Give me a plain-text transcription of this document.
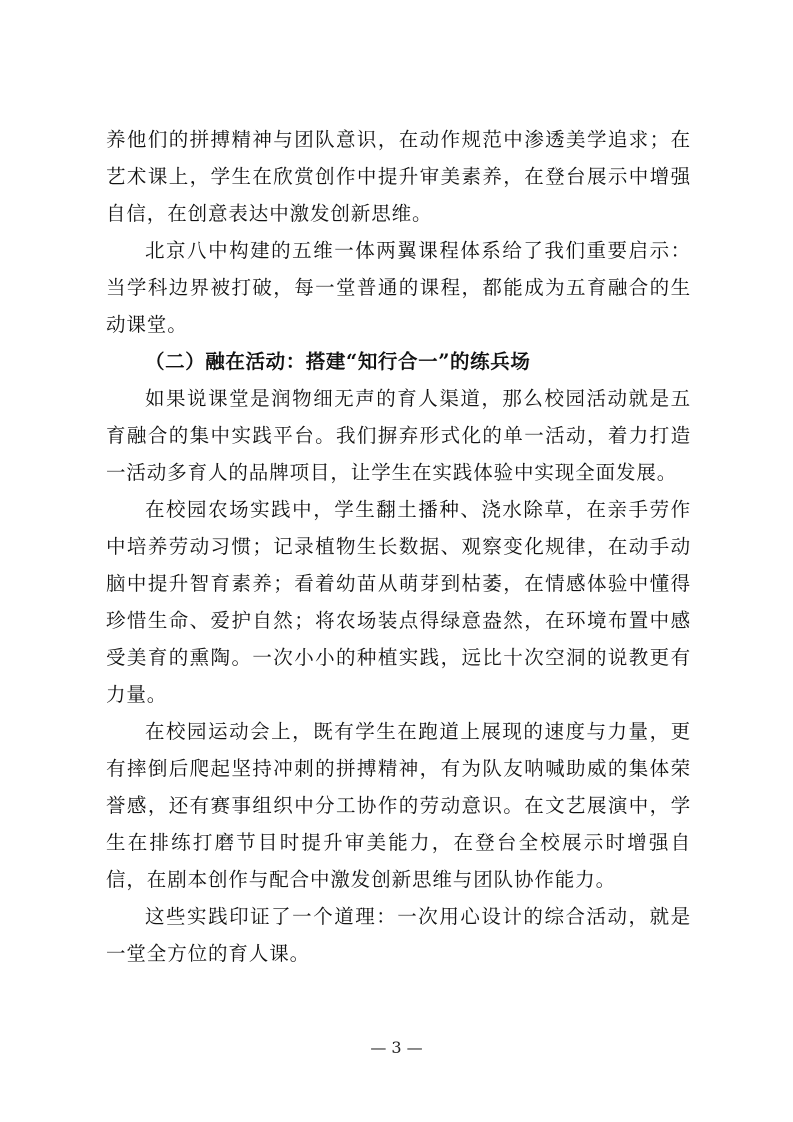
养他们的拼搏精神与团队意识，在动作规范中渗透美学追求；在艺术课上，学生在欣赏创作中提升审美素养，在登台展示中增强自信，在创意表达中激发创新思维。

北京八中构建的五维一体两翼课程体系给了我们重要启示：当学科边界被打破，每一堂普通的课程，都能成为五育融合的生动课堂。

（二）融在活动：搭建“知行合一”的练兵场

如果说课堂是润物细无声的育人渠道，那么校园活动就是五育融合的集中实践平台。我们摒弃形式化的单一活动，着力打造一活动多育人的品牌项目，让学生在实践体验中实现全面发展。

在校园农场实践中，学生翻土播种、浇水除草，在亲手劳作中培养劳动习惯；记录植物生长数据、观察变化规律，在动手动脑中提升智育素养；看着幼苗从萌芽到枯萎，在情感体验中懂得珍惜生命、爱护自然；将农场装点得绿意盎然，在环境布置中感受美育的熏陶。一次小小的种植实践，远比十次空洞的说教更有力量。

在校园运动会上，既有学生在跑道上展现的速度与力量，更有摔倒后爬起坚持冲刺的拼搏精神，有为队友呐喊助威的集体荣誉感，还有赛事组织中分工协作的劳动意识。在文艺展演中，学生在排练打磨节目时提升审美能力，在登台全校展示时增强自信，在剧本创作与配合中激发创新思维与团队协作能力。

这些实践印证了一个道理：一次用心设计的综合活动，就是一堂全方位的育人课。

— 3 —
